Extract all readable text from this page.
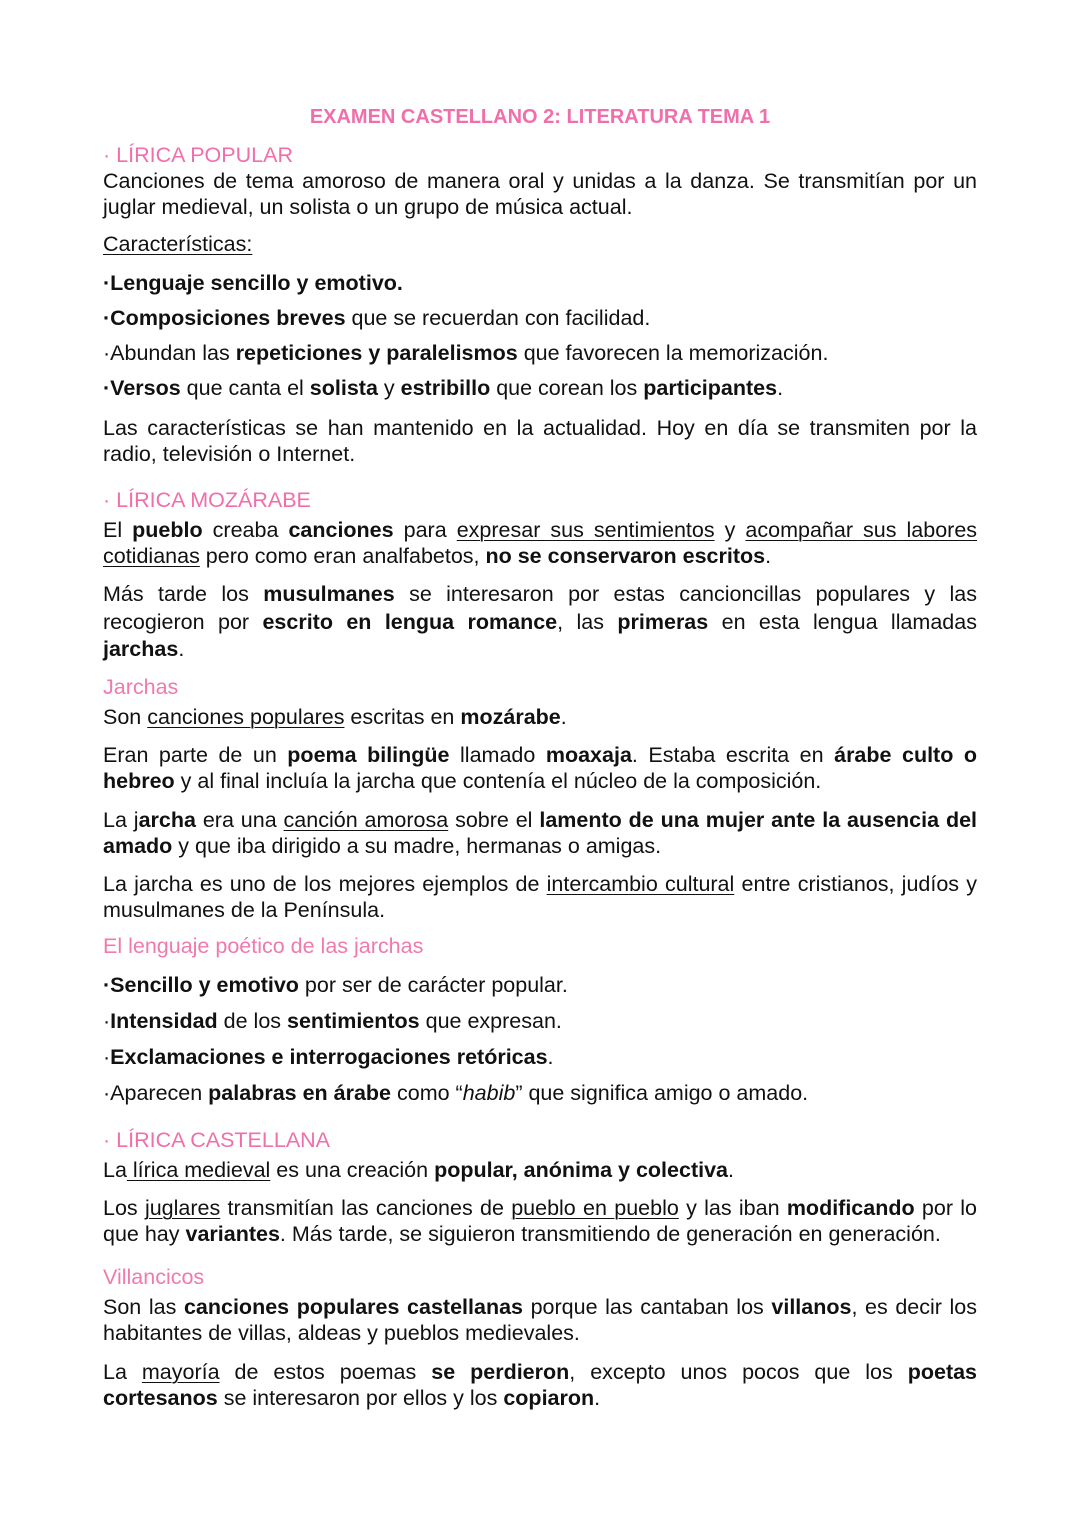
EXAMEN CASTELLANO 2: LITERATURA TEMA 1
· LÍRICA POPULAR

Canciones de tema amoroso de manera oral y unidas a la danza. Se transmitían por un juglar medieval, un solista o un grupo de música actual.

Características:

·Lenguaje sencillo y emotivo.

·Composiciones breves que se recuerdan con facilidad.

·Abundan las repeticiones y paralelismos que favorecen la memorización.

·Versos que canta el solista y estribillo que corean los participantes.

Las características se han mantenido en la actualidad. Hoy en día se transmiten por la radio, televisión o Internet.

· LÍRICA MOZÁRABE

El pueblo creaba canciones para expresar sus sentimientos y acompañar sus labores cotidianas pero como eran analfabetos, no se conservaron escritos.

Más tarde los musulmanes se interesaron por estas cancioncillas populares y las recogieron por escrito en lengua romance, las primeras en esta lengua llamadas jarchas.

Jarchas

Son canciones populares escritas en mozárabe.

Eran parte de un poema bilingüe llamado moaxaja. Estaba escrita en árabe culto o hebreo y al final incluía la jarcha que contenía el núcleo de la composición.

La jarcha era una canción amorosa sobre el lamento de una mujer ante la ausencia del amado y que iba dirigido a su madre, hermanas o amigas.

La jarcha es uno de los mejores ejemplos de intercambio cultural entre cristianos, judíos y musulmanes de la Península.

El lenguaje poético de las jarchas

·Sencillo y emotivo por ser de carácter popular.

·Intensidad de los sentimientos que expresan.

·Exclamaciones e interrogaciones retóricas.

·Aparecen palabras en árabe como “habib” que significa amigo o amado.

· LÍRICA CASTELLANA

La lírica medieval es una creación popular, anónima y colectiva.

Los juglares transmitían las canciones de pueblo en pueblo y las iban modificando por lo que hay variantes. Más tarde, se siguieron transmitiendo de generación en generación.

Villancicos

Son las canciones populares castellanas porque las cantaban los villanos, es decir los habitantes de villas, aldeas y pueblos medievales.

La mayoría de estos poemas se perdieron, excepto unos pocos que los poetas cortesanos se interesaron por ellos y los copiaron.
